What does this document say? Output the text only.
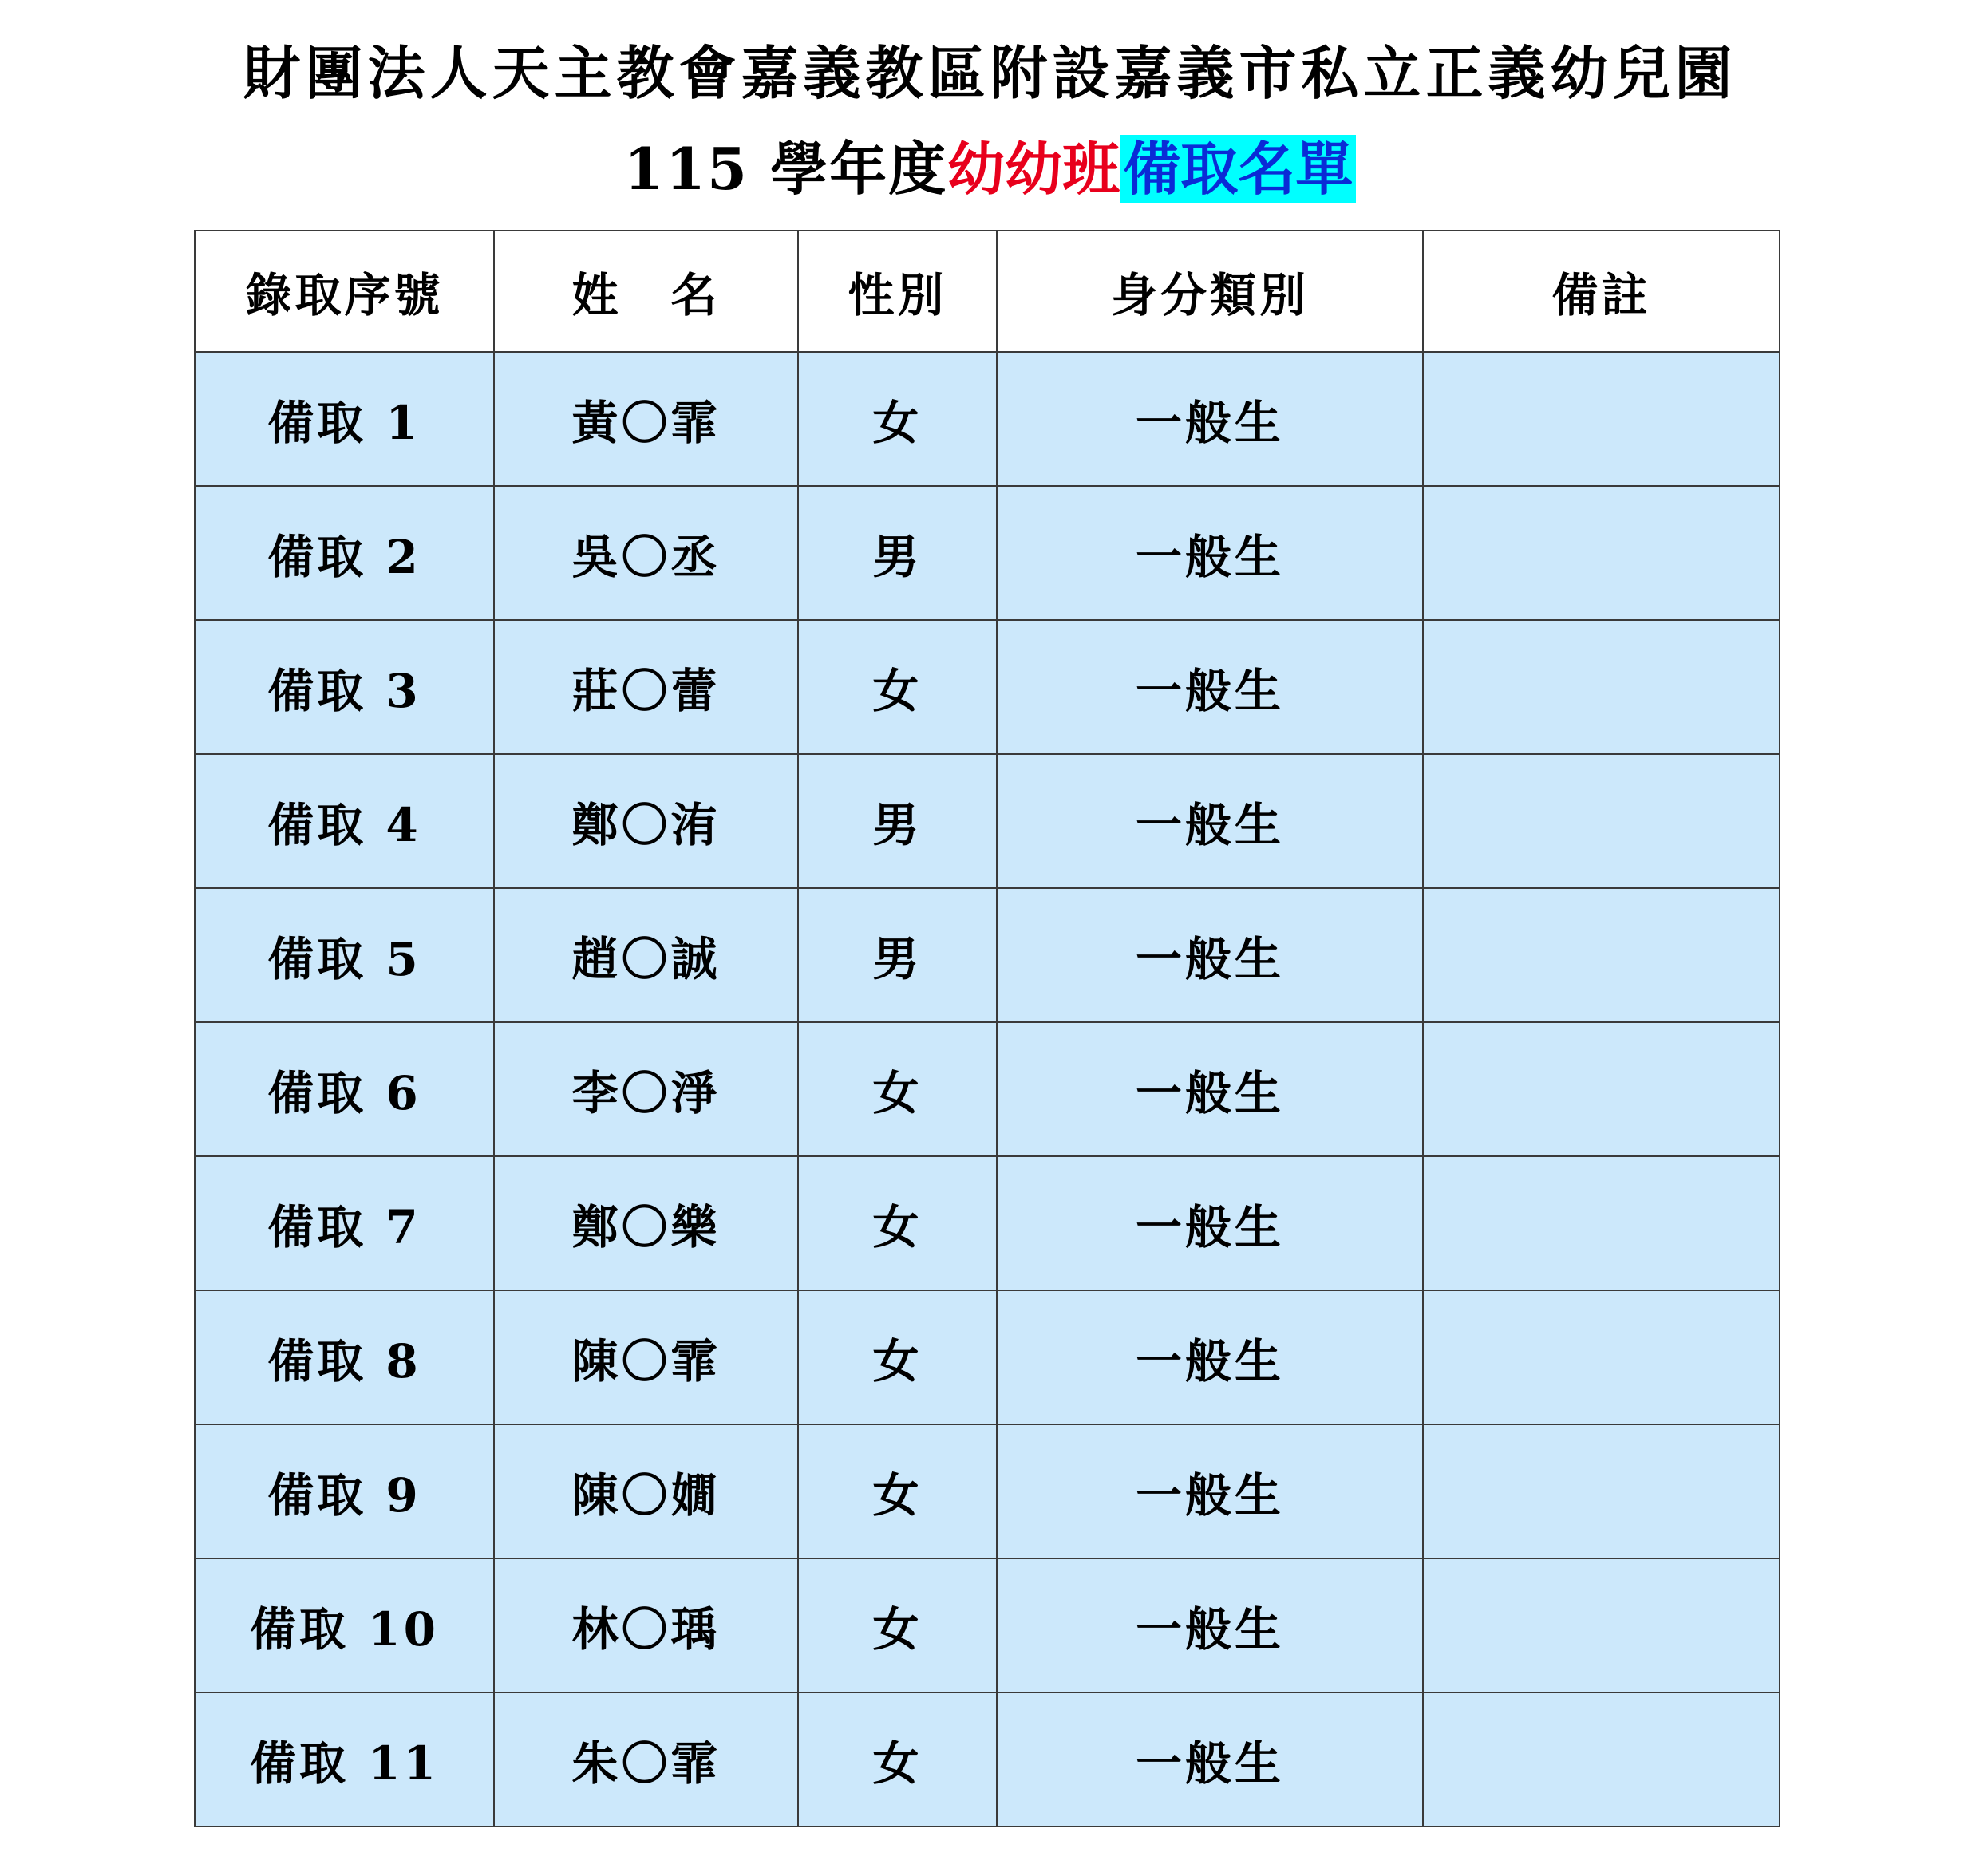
財團法人天主教會嘉義教區附設嘉義市私立正義幼兒園
115 學年度幼幼班備取名單
錄取序號	姓　名	性別	身分類別	備註
備取 1	黃〇霏	女	一般生	
備取 2	吳〇丞	男	一般生	
備取 3	莊〇蕾	女	一般生	
備取 4	鄭〇洧	男	一般生	
備取 5	趙〇誠	男	一般生	
備取 6	李〇淨	女	一般生	
備取 7	鄭〇樂	女	一般生	
備取 8	陳〇霏	女	一般生	
備取 9	陳〇嫺	女	一般生	
備取 10	林〇瑀	女	一般生	
備取 11	朱〇霏	女	一般生	
